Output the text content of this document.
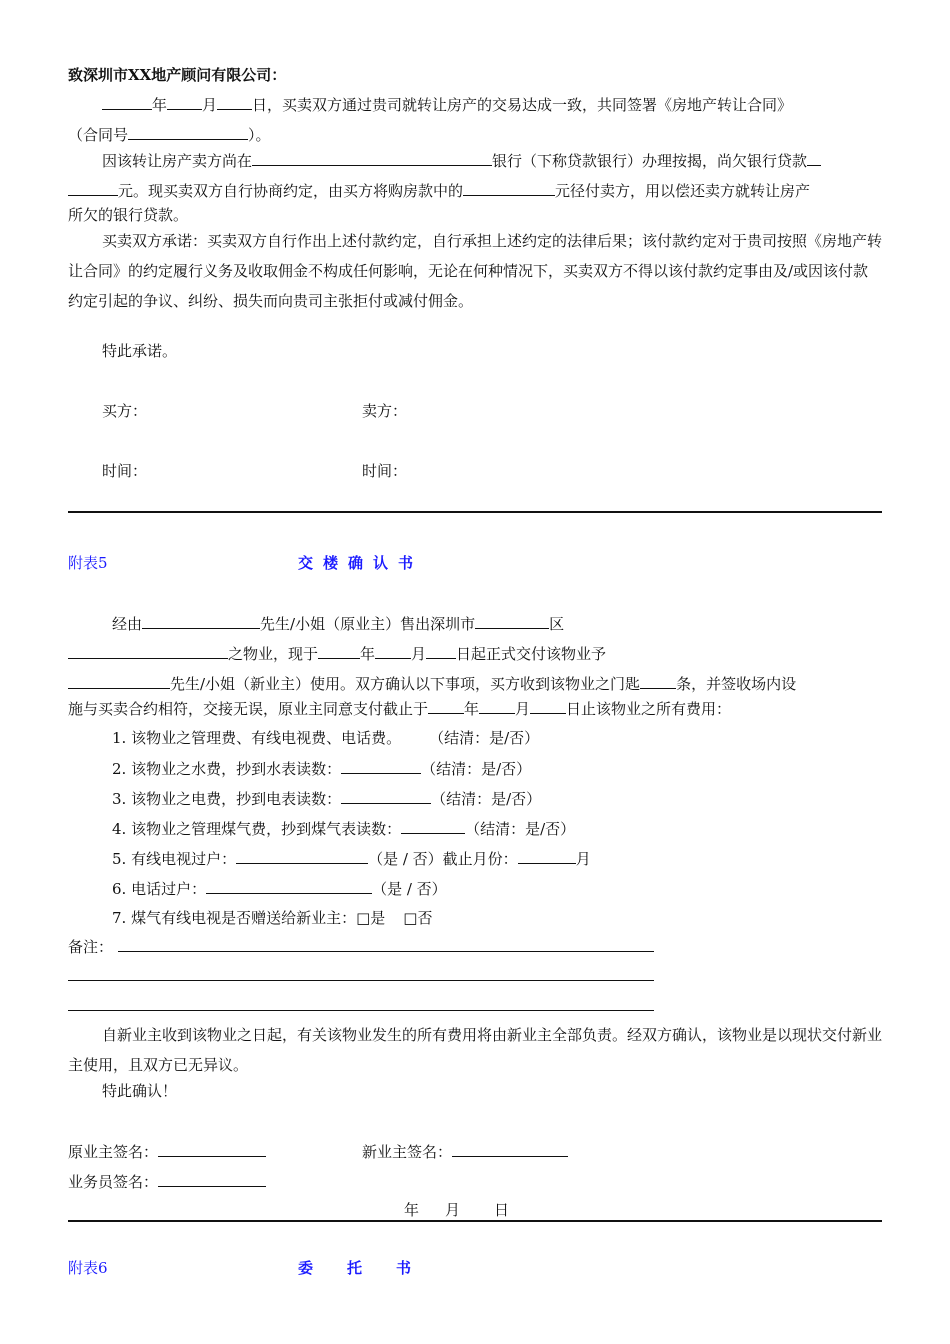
致深圳市XX地产顾问有限公司：
年 月 日，买卖双方通过贵司就转让房产的交易达成一致，共同签署《房地产转让合同》
（合同号	）。
因该转让房产卖方尚在	银行（下称贷款银行）办理按揭，尚欠银行贷款
元。现买卖双方自行协商约定，由买方将购房款中的	元径付卖方，用以偿还卖方就转让房产
所欠的银行贷款。
买卖双方承诺：买卖双方自行作出上述付款约定，自行承担上述约定的法律后果；该付款约定对于贵司按照《房地产转让合同》的约定履行义务及收取佣金不构成任何影响，无论在何种情况下，买卖双方不得以该付款约定事由及/或因该付款约定引起的争议、纠纷、损失而向贵司主张拒付或减付佣金。
特此承诺。
买方：	卖方：
时间：	时间：
附表5	交楼确认书
经由	先生/小姐（原业主）售出深圳市	区
之物业，现于	年 月 日起正式交付该物业予
先生/小姐（新业主）使用。双方确认以下事项，买方收到该物业之门匙 条，并签收场内设
施与买卖合约相符，交接无误，原业主同意支付截止于 年 月 日止该物业之所有费用：
1. 该物业之管理费、有线电视费、电话费。 （结清：是/否）
2. 该物业之水费，抄到水表读数：	（结清：是/否）
3. 该物业之电费，抄到电表读数：	（结清：是/否）
4. 该物业之管理煤气费，抄到煤气表读数：	（结清：是/否）
5. 有线电视过户：	（是 / 否）截止月份：	月
6. 电话过户：	（是 / 否）
7. 煤气有线电视是否赠送给新业主：□是 □否
备注：
自新业主收到该物业之日起，有关该物业发生的所有费用将由新业主全部负责。经双方确认，该物业是以现状交付新业主使用，且双方已无异议。
特此确认！
原业主签名：	新业主签名：
业务员签名：
年 月 日
附表6	委托书
